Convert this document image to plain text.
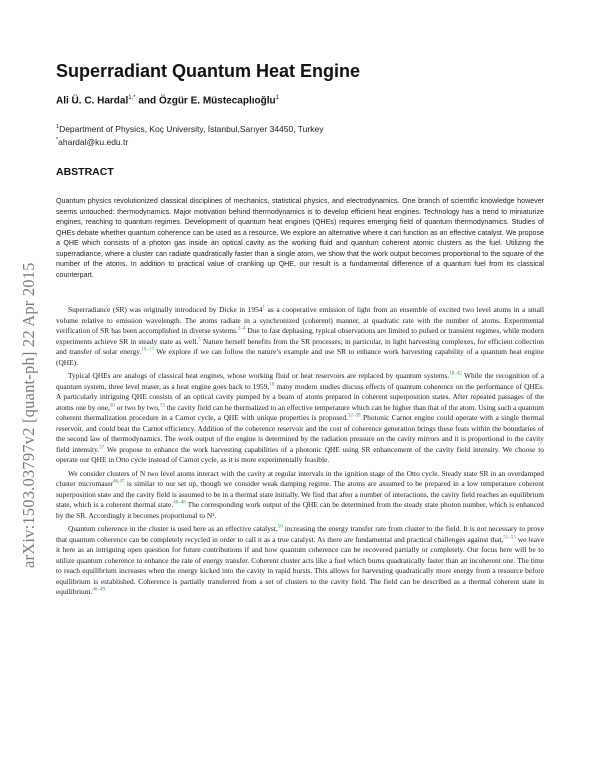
arXiv:1503.03797v2 [quant-ph] 22 Apr 2015
Superradiant Quantum Heat Engine
Ali Ü. C. Hardal$^{1,*}$ and Özgür E. Müstecaplıoğlu$^1$
$^1$Department of Physics, Koç University, İstanbul,Sarıyer 34450, Turkey
*ahardal@ku.edu.tr
ABSTRACT

Quantum physics revolutionized classical disciplines of mechanics, statistical physics, and electrodynamics. One branch of scientific knowledge however seems untouched: thermodynamics. Major motivation behind thermodynamics is to develop efficient heat engines. Technology has a trend to miniaturize engines, reaching to quantum regimes. Development of quantum heat engines (QHEs) requires emerging field of quantum thermodynamics. Studies of QHEs debate whether quantum coherence can be used as a resource. We explore an alternative where it can function as an effective catalyst. We propose a QHE which consists of a photon gas inside an optical cavity as the working fluid and quantum coherent atomic clusters as the fuel. Utilizing the superradiance, where a cluster can radiate quadratically faster than a single atom, we show that the work output becomes proportional to the square of the number of the atoms. In addition to practical value of cranking up QHE, our result is a fundamental difference of a quantum fuel from its classical counterpart.

Superradiance (SR) was originally introduced by Dicke in 1954$^1$ as a cooperative emission of light from an ensemble of excited two level atoms in a small volume relative to emission wavelength. The atoms radiate in a synchronized (coherent) manner, at quadratic rate with the number of atoms. Experimental verification of SR has been accomplished in diverse systems.$^{2-4}$ Due to fast dephasing, typical observations are limited to pulsed or transient regimes, while modern experiments achieve SR in steady state as well.$^5$ Nature herself benefits from the SR processes; in particular, in light harvesting complexes, for efficient collection and transfer of solar energy.$^{10-17}$ We explore if we can follow the nature’s example and use SR to enhance work harvesting capability of a quantum heat engine (QHE).

Typical QHEs are analogs of classical heat engines, whose working fluid or heat reservoirs are replaced by quantum systems.$^{18-42}$ While the recognition of a quantum system, three level maser, as a heat engine goes back to 1959,18 many modern studies discuss effects of quantum coherence on the performance of QHEs. A particularly intriguing QHE consists of an optical cavity pumped by a beam of atoms prepared in coherent superposition states. After repeated passages of the atoms one by one,$^{30}$ or two by two,$^{33}$ the cavity field can be thermalized to an effective temperature which can be higher than that of the atom. Using such a quantum coherent thermalization procedure in a Carnot cycle, a QHE with unique properties is proposed.$^{32-39}$ Photonic Carnot engine could operate with a single thermal reservoir, and could beat the Carnot efficiency. Addition of the coherence reservoir and the cost of coherence generation brings these feats within the boundaries of the second law of thermodynamics. The work output of the engine is determined by the radiation pressure on the cavity mirrors and it is proportional to the cavity field intensity.$^{37}$ We propose to enhance the work harvesting capabilities of a photonic QHE using SR enhancement of the cavity field intensity. We choose to operate our QHE in Otto cycle instead of Carnot cycle, as it is more experimentally feasible.

We consider clusters of N two level atoms interact with the cavity at regular intervals in the ignition stage of the Otto cycle. Steady state SR in an overdamped cluster micromaser$^{46,47}$ is similar to our set up, though we consider weak damping regime. The atoms are assumed to be prepared in a low temperature coherent superposition state and the cavity field is assumed to be in a thermal state initially. We find that after a number of interactions, the cavity field reaches an equilibrium state, which is a coherent thermal state.$^{46-48}$ The corresponding work output of the QHE can be determined from the steady state photon number, which is enhanced by the SR. Accordingly it becomes proportional to N².

Quantum coherence in the cluster is used here as an effective catalyst,$^{50}$ increasing the energy transfer rate from cluster to the field. It is not necessary to prove that quantum coherence can be completely recycled in order to call it as a true catalyst. As there are fundamental and practical challenges against that,$^{51-53}$ we leave it here as an intriguing open question for future contributions if and how quantum coherence can be recovered partially or completely. Our focus here will be to utilize quantum coherence to enhance the rate of energy transfer. Coherent cluster acts like a fuel which burns quadratically faster than an incoherent one. The time to reach equilibrium increases when the energy kicked into the cavity in rapid bursts. This allows for harvesting quadratically more energy from a resource before equilibrium is established. Coherence is partially transferred from a set of clusters to the cavity field. The field can be described as a thermal coherent state in equilibrium.$^{46-49}$
